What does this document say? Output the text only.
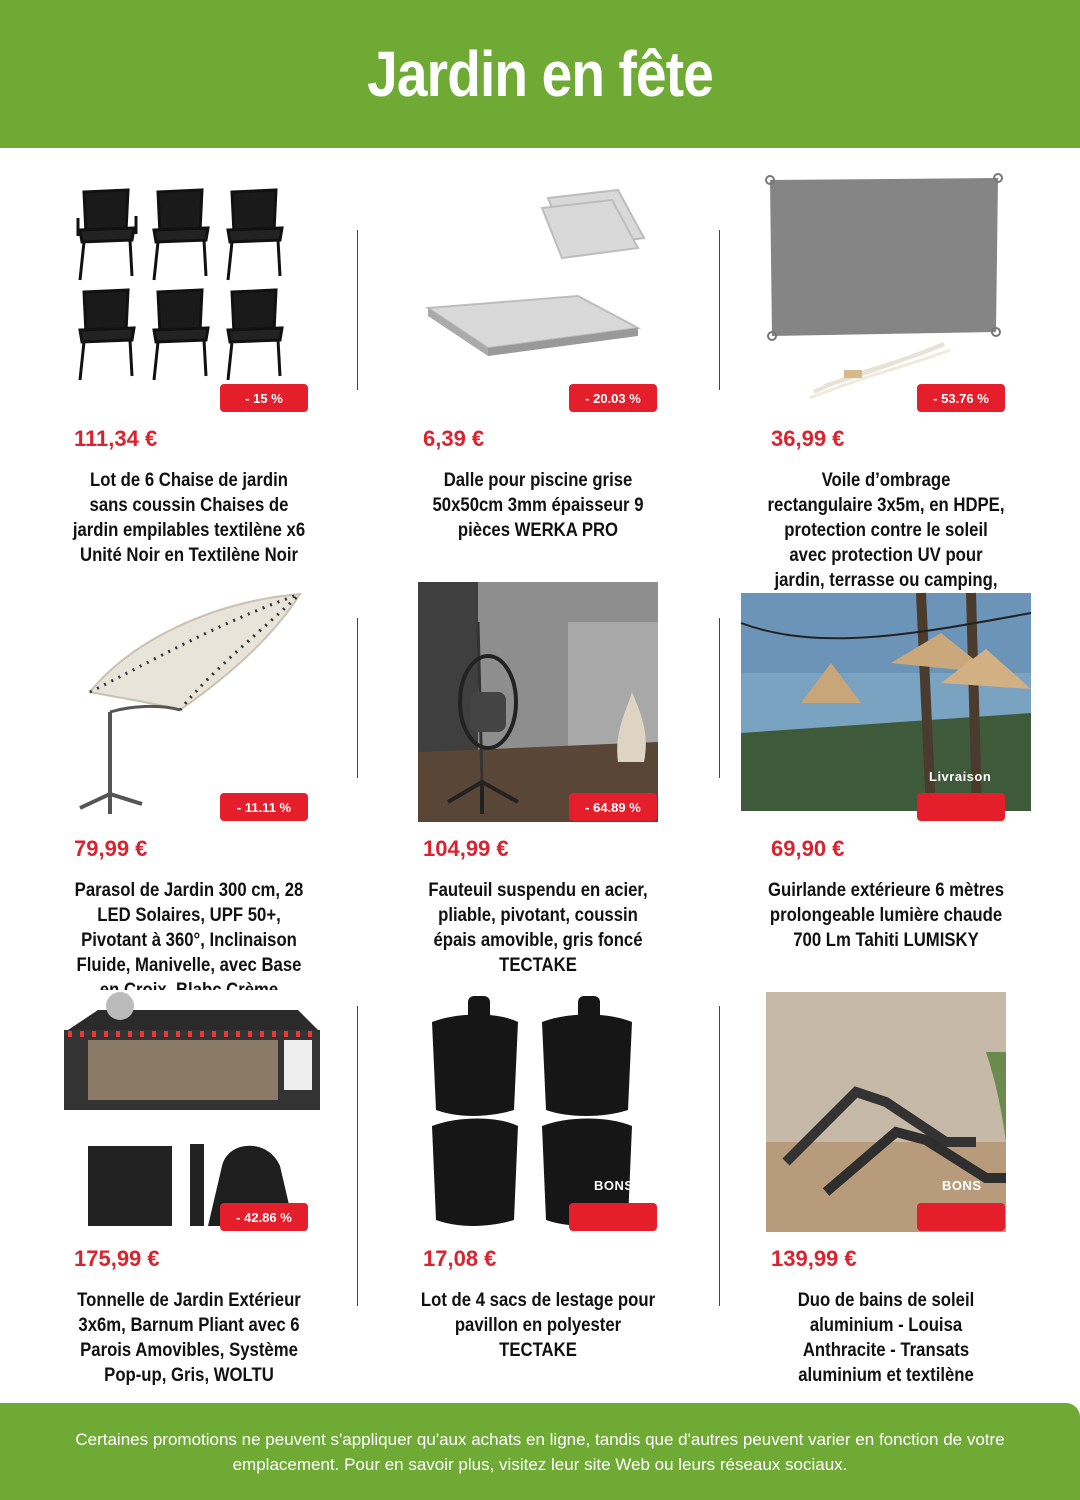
Jardin en fête
- 15 %
111,34 €
Lot de 6 Chaise de jardin sans coussin Chaises de jardin empilables textilène x6 Unité Noir en Textilène Noir
- 20.03 %
6,39 €
Dalle pour piscine grise 50x50cm 3mm épaisseur 9 pièces WERKA PRO
- 53.76 %
36,99 €
Voile d’ombrage rectangulaire 3x5m, en HDPE, protection contre le soleil avec protection UV pour jardin, terrasse ou camping,
- 11.11 %
79,99 €
Parasol de Jardin 300 cm, 28 LED Solaires, UPF 50+, Pivotant à 360°, Inclinaison Fluide, Manivelle, avec Base
- 64.89 %
104,99 €
Fauteuil suspendu en acier, pliable, pivotant, coussin épais amovible, gris foncé TECTAKE
Livraison
69,90 €
Guirlande extérieure 6 mètres prolongeable lumière chaude 700 Lm Tahiti LUMISKY
- 42.86 %
175,99 €
Tonnelle de Jardin Extérieur 3x6m, Barnum Pliant avec 6 Parois Amovibles, Système Pop-up, Gris, WOLTU
BONS
17,08 €
Lot de 4 sacs de lestage pour pavillon en polyester TECTAKE
BONS
139,99 €
Duo de bains de soleil aluminium - Louisa Anthracite - Transats aluminium et textilène

Certaines promotions ne peuvent s'appliquer qu'aux achats en ligne, tandis que d'autres peuvent varier en fonction de votre emplacement. Pour en savoir plus, visitez leur site Web ou leurs réseaux sociaux.
